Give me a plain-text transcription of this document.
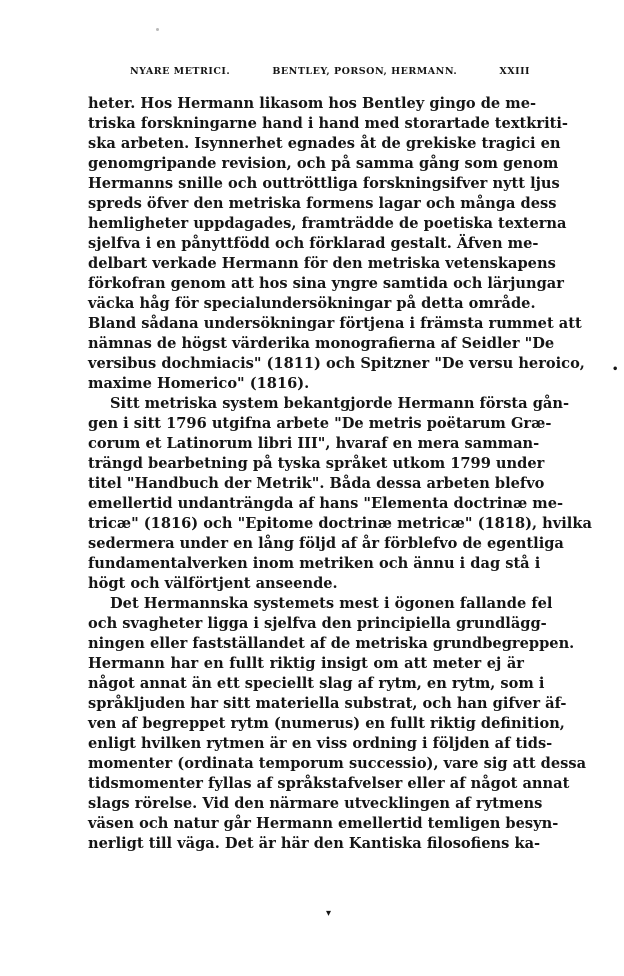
NYARE METRICI.	BENTLEY, PORSON, HERMANN.	XXIII
heter. Hos Hermann likasom hos Bentley gingo de me-
triska forskningarne hand i hand med storartade textkriti-
ska arbeten. Isynnerhet egnades åt de grekiske tragici en
genomgripande revision, och på samma gång som genom
Hermanns snille och outtröttliga forskningsifver nytt ljus
spreds öfver den metriska formens lagar och många dess
hemligheter uppdagades, framträdde de poetiska texterna
sjelfva i en pånyttfödd och förklarad gestalt. Äfven me-
delbart verkade Hermann för den metriska vetenskapens
förkofran genom att hos sina yngre samtida och lärjungar
väcka håg för specialundersökningar på detta område.
Bland sådana undersökningar förtjena i främsta rummet att
nämnas de högst värderika monografierna af Seidler "De
versibus dochmiacis" (1811) och Spitzner "De versu heroico,
maxime Homerico" (1816).
Sitt metriska system bekantgjorde Hermann första gån-
gen i sitt 1796 utgifna arbete "De metris poëtarum Græ-
corum et Latinorum libri III", hvaraf en mera samman-
trängd bearbetning på tyska språket utkom 1799 under
titel "Handbuch der Metrik". Båda dessa arbeten blefvo
emellertid undanträngda af hans "Elementa doctrinæ me-
tricæ" (1816) och "Epitome doctrinæ metricæ" (1818), hvilka
sedermera under en lång följd af år förblefvo de egentliga
fundamentalverken inom metriken och ännu i dag stå i
högt och välförtjent anseende.
Det Hermannska systemets mest i ögonen fallande fel
och svagheter ligga i sjelfva den principiella grundlägg-
ningen eller fastställandet af de metriska grundbegreppen.
Hermann har en fullt riktig insigt om att meter ej är
något annat än ett speciellt slag af rytm, en rytm, som i
språkljuden har sitt materiella substrat, och han gifver äf-
ven af begreppet rytm (numerus) en fullt riktig definition,
enligt hvilken rytmen är en viss ordning i följden af tids-
momenter (ordinata temporum successio), vare sig att dessa
tidsmomenter fyllas af språkstafvelser eller af något annat
slags rörelse. Vid den närmare utvecklingen af rytmens
väsen och natur går Hermann emellertid temligen besyn-
nerligt till väga. Det är här den Kantiska filosofiens ka-
•
▾
